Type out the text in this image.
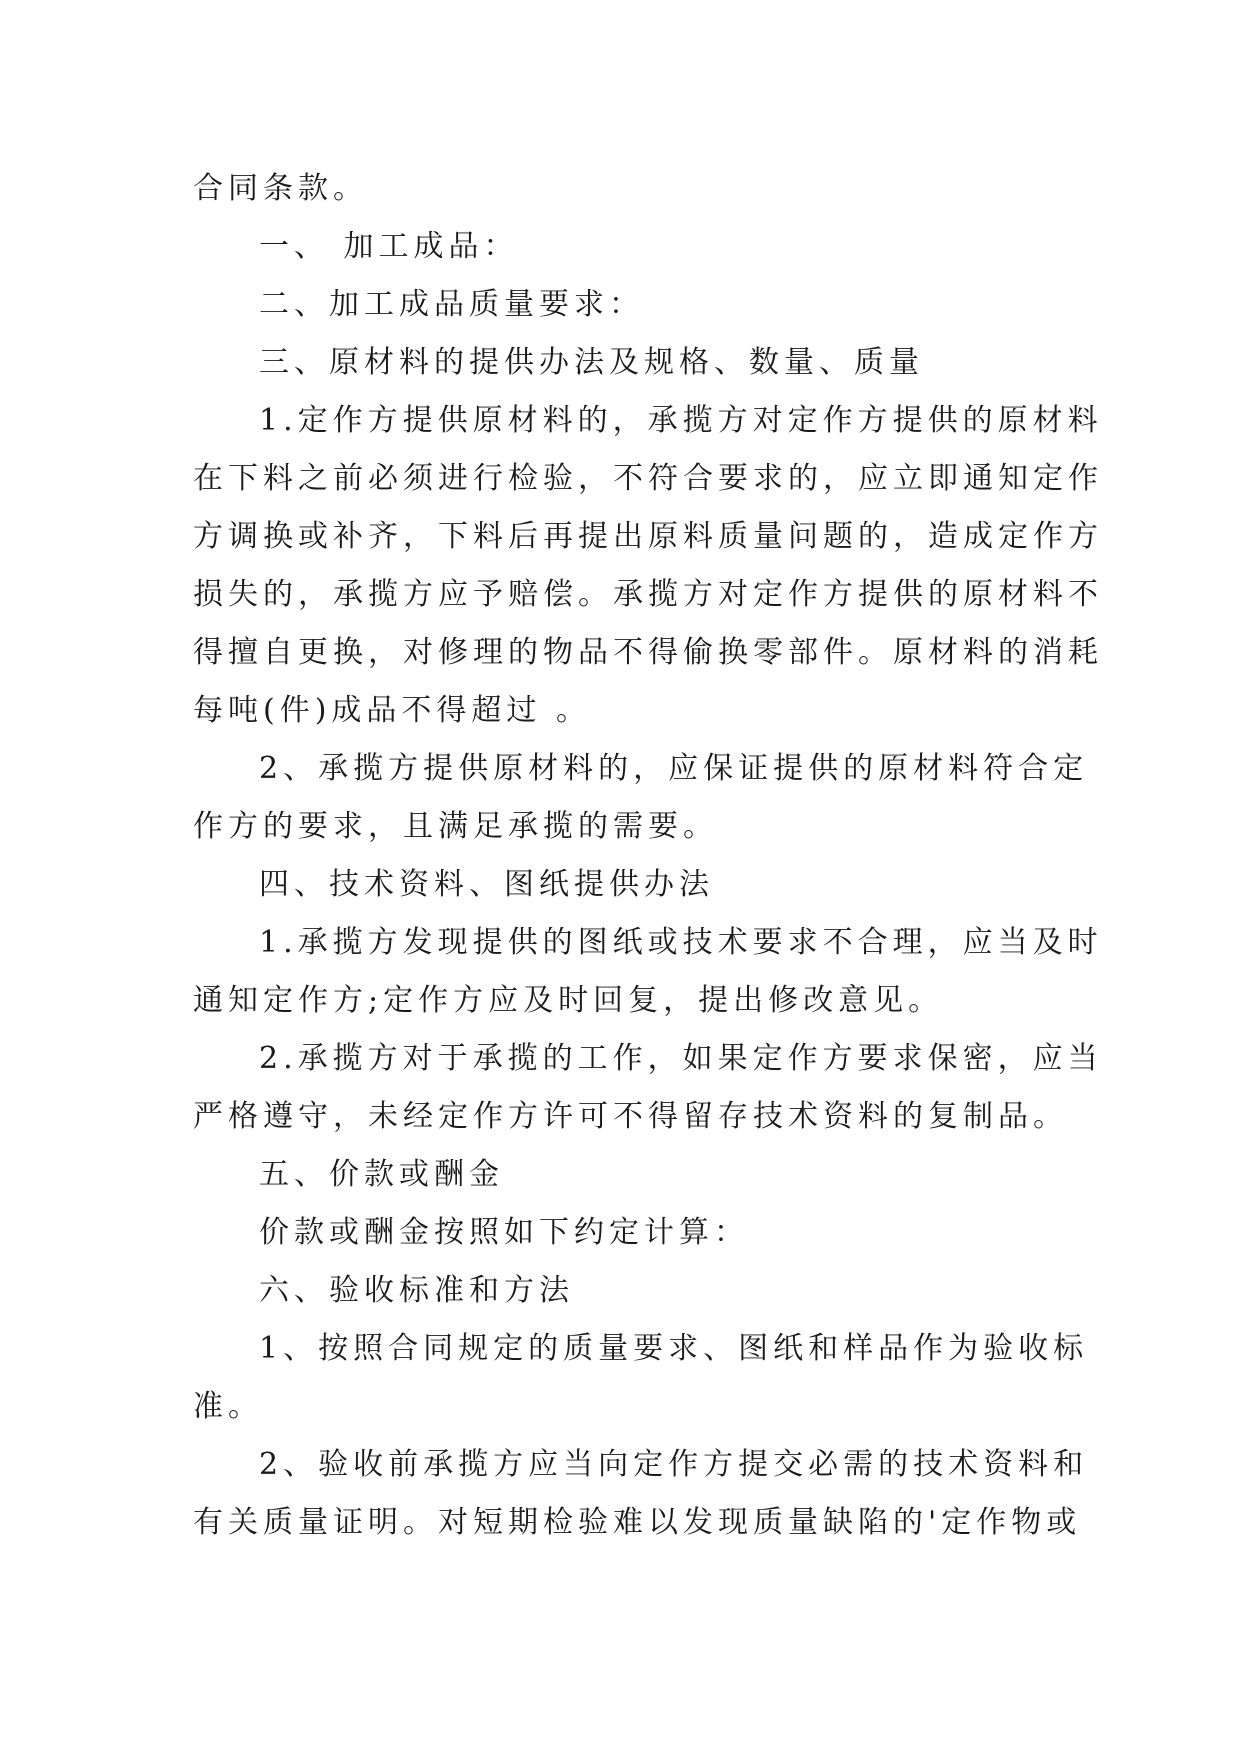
合同条款。
一、 加工成品：
二、加工成品质量要求：
三、原材料的提供办法及规格、数量、质量
1.定作方提供原材料的，承揽方对定作方提供的原材料
在下料之前必须进行检验，不符合要求的，应立即通知定作
方调换或补齐，下料后再提出原料质量问题的，造成定作方
损失的，承揽方应予赔偿。承揽方对定作方提供的原材料不
得擅自更换，对修理的物品不得偷换零部件。原材料的消耗
每吨(件)成品不得超过 。
2、承揽方提供原材料的，应保证提供的原材料符合定
作方的要求，且满足承揽的需要。
四、技术资料、图纸提供办法
1.承揽方发现提供的图纸或技术要求不合理，应当及时
通知定作方;定作方应及时回复，提出修改意见。
2.承揽方对于承揽的工作，如果定作方要求保密，应当
严格遵守，未经定作方许可不得留存技术资料的复制品。
五、价款或酬金
价款或酬金按照如下约定计算：
六、验收标准和方法
1、按照合同规定的质量要求、图纸和样品作为验收标
准。
2、验收前承揽方应当向定作方提交必需的技术资料和
有关质量证明。对短期检验难以发现质量缺陷的'定作物或
